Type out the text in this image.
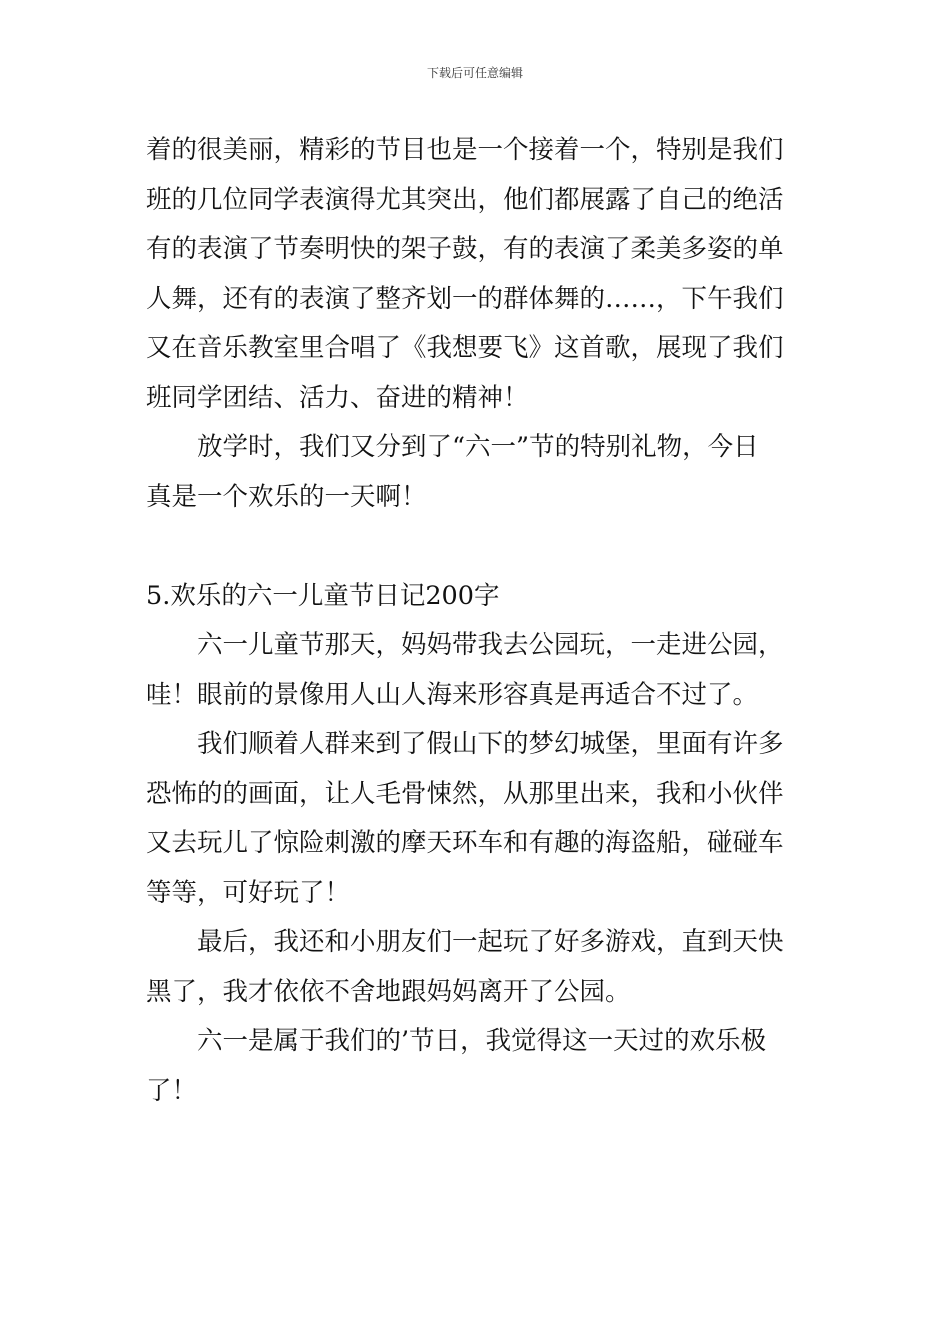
下载后可任意编辑
着的很美丽，精彩的节目也是一个接着一个，特别是我们
班的几位同学表演得尤其突出，他们都展露了自己的绝活
有的表演了节奏明快的架子鼓，有的表演了柔美多姿的单
人舞，还有的表演了整齐划一的群体舞的……，下午我们
又在音乐教室里合唱了《我想要飞》这首歌，展现了我们
班同学团结、活力、奋进的精神！
　　放学时，我们又分到了“六一”节的特别礼物，今日
真是一个欢乐的一天啊！
5.欢乐的六一儿童节日记200字
　　六一儿童节那天，妈妈带我去公园玩，一走进公园，
哇！眼前的景像用人山人海来形容真是再适合不过了。
　　我们顺着人群来到了假山下的梦幻城堡，里面有许多
恐怖的的画面，让人毛骨悚然，从那里出来，我和小伙伴
又去玩儿了惊险刺激的摩天环车和有趣的海盗船，碰碰车
等等，可好玩了！
　　最后，我还和小朋友们一起玩了好多游戏，直到天快
黑了，我才依依不舍地跟妈妈离开了公园。
　　六一是属于我们的’节日，我觉得这一天过的欢乐极
了！
